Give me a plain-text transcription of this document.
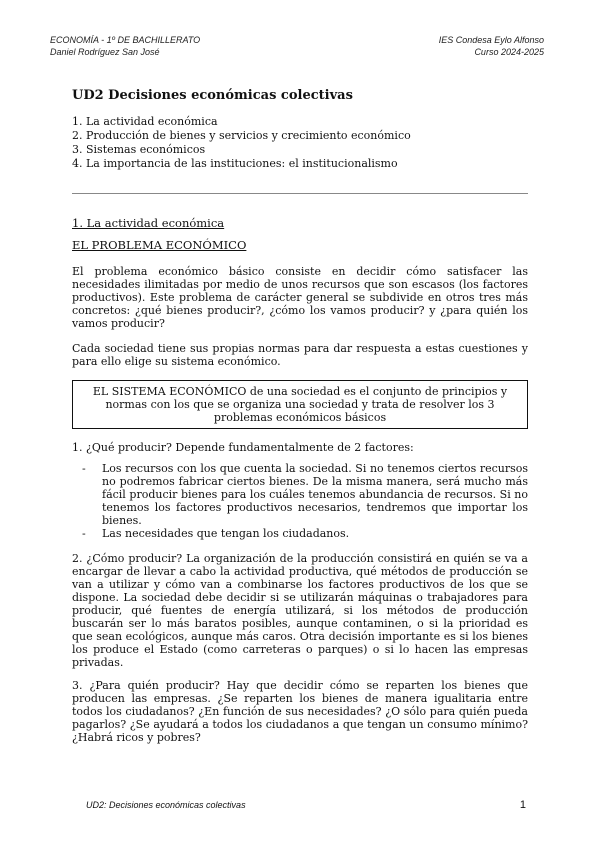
ECONOMÍA - 1º DE BACHILLERATO
Daniel Rodríguez San José
IES Condesa Eylo Alfonso
Curso 2024-2025
UD2 Decisiones económicas colectivas
1. La actividad económica
2. Producción de bienes y servicios y crecimiento económico
3. Sistemas económicos
4. La importancia de las instituciones: el institucionalismo
1. La actividad económica
EL PROBLEMA ECONÓMICO

El problema económico básico consiste en decidir cómo satisfacer las necesidades ilimitadas por medio de unos recursos que son escasos (los factores productivos). Este problema de carácter general se subdivide en otros tres más concretos: ¿qué bienes producir?, ¿cómo los vamos producir? y ¿para quién los vamos producir?

Cada sociedad tiene sus propias normas para dar respuesta a estas cuestiones y para ello elige su sistema económico.

EL SISTEMA ECONÓMICO de una sociedad es el conjunto de principios y normas con los que se organiza una sociedad y trata de resolver los 3 problemas económicos básicos

1. ¿Qué producir? Depende fundamentalmente de 2 factores:

- Los recursos con los que cuenta la sociedad. Si no tenemos ciertos recursos no podremos fabricar ciertos bienes. De la misma manera, será mucho más fácil producir bienes para los cuáles tenemos abundancia de recursos. Si no tenemos los factores productivos necesarios, tendremos que importar los bienes.
- Las necesidades que tengan los ciudadanos.

2. ¿Cómo producir? La organización de la producción consistirá en quién se va a encargar de llevar a cabo la actividad productiva, qué métodos de producción se van a utilizar y cómo van a combinarse los factores productivos de los que se dispone. La sociedad debe decidir si se utilizarán máquinas o trabajadores para producir, qué fuentes de energía utilizará, si los métodos de producción buscarán ser lo más baratos posibles, aunque contaminen, o si la prioridad es que sean ecológicos, aunque más caros. Otra decisión importante es si los bienes los produce el Estado (como carreteras o parques) o si lo hacen las empresas privadas.

3. ¿Para quién producir? Hay que decidir cómo se reparten los bienes que producen las empresas. ¿Se reparten los bienes de manera igualitaria entre todos los ciudadanos? ¿En función de sus necesidades? ¿O sólo para quién pueda pagarlos? ¿Se ayudará a todos los ciudadanos a que tengan un consumo mínimo? ¿Habrá ricos y pobres?

UD2: Decisiones económicas colectivas	1
